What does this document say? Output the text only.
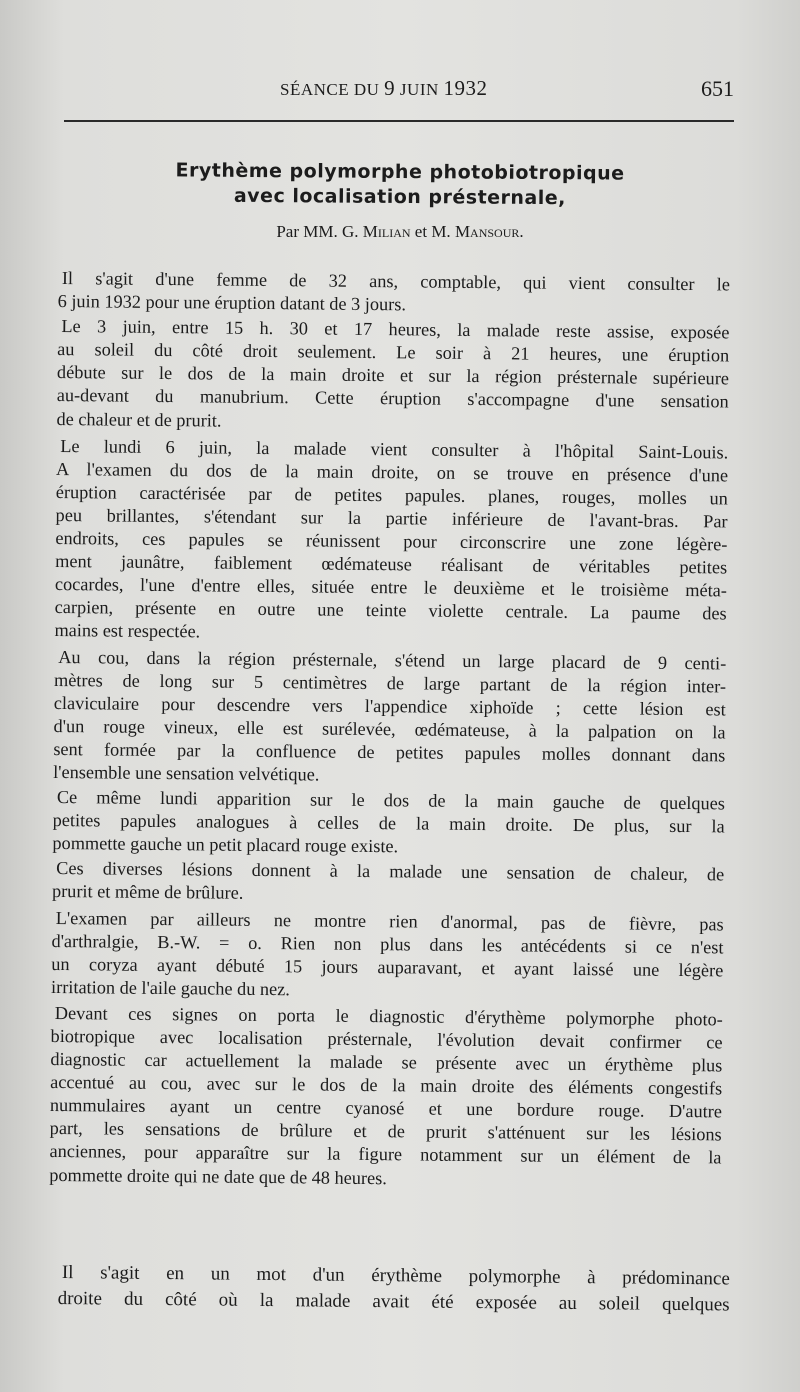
SÉANCE DU 9 JUIN 1932	651
Erythème polymorphe photobiotropique
avec localisation présternale,
Par MM. G. Milian et M. Mansour.

Il s'agit d'une femme de 32 ans, comptable, qui vient consulter le
6 juin 1932 pour une éruption datant de 3 jours.

Le 3 juin, entre 15 h. 30 et 17 heures, la malade reste assise, exposée
au soleil du côté droit seulement. Le soir à 21 heures, une éruption
débute sur le dos de la main droite et sur la région présternale supérieure
au-devant du manubrium. Cette éruption s'accompagne d'une sensation
de chaleur et de prurit.

Le lundi 6 juin, la malade vient consulter à l'hôpital Saint-Louis.
A l'examen du dos de la main droite, on se trouve en présence d'une
éruption caractérisée par de petites papules. planes, rouges, molles un
peu brillantes, s'étendant sur la partie inférieure de l'avant-bras. Par
endroits, ces papules se réunissent pour circonscrire une zone légère-
ment jaunâtre, faiblement œdémateuse réalisant de véritables petites
cocardes, l'une d'entre elles, située entre le deuxième et le troisième méta-
carpien, présente en outre une teinte violette centrale. La paume des
mains est respectée.

Au cou, dans la région présternale, s'étend un large placard de 9 centi-
mètres de long sur 5 centimètres de large partant de la région inter-
claviculaire pour descendre vers l'appendice xiphoïde ; cette lésion est
d'un rouge vineux, elle est surélevée, œdémateuse, à la palpation on la
sent formée par la confluence de petites papules molles donnant dans
l'ensemble une sensation velvétique.

Ce même lundi apparition sur le dos de la main gauche de quelques
petites papules analogues à celles de la main droite. De plus, sur la
pommette gauche un petit placard rouge existe.

Ces diverses lésions donnent à la malade une sensation de chaleur, de
prurit et même de brûlure.

L'examen par ailleurs ne montre rien d'anormal, pas de fièvre, pas
d'arthralgie, B.-W. = o. Rien non plus dans les antécédents si ce n'est
un coryza ayant débuté 15 jours auparavant, et ayant laissé une légère
irritation de l'aile gauche du nez.

Devant ces signes on porta le diagnostic d'érythème polymorphe photo-
biotropique avec localisation présternale, l'évolution devait confirmer ce
diagnostic car actuellement la malade se présente avec un érythème plus
accentué au cou, avec sur le dos de la main droite des éléments congestifs
nummulaires ayant un centre cyanosé et une bordure rouge. D'autre
part, les sensations de brûlure et de prurit s'atténuent sur les lésions
anciennes, pour apparaître sur la figure notamment sur un élément de la
pommette droite qui ne date que de 48 heures.

Il s'agit en un mot d'un érythème polymorphe à prédominance
droite du côté où la malade avait été exposée au soleil quelques
